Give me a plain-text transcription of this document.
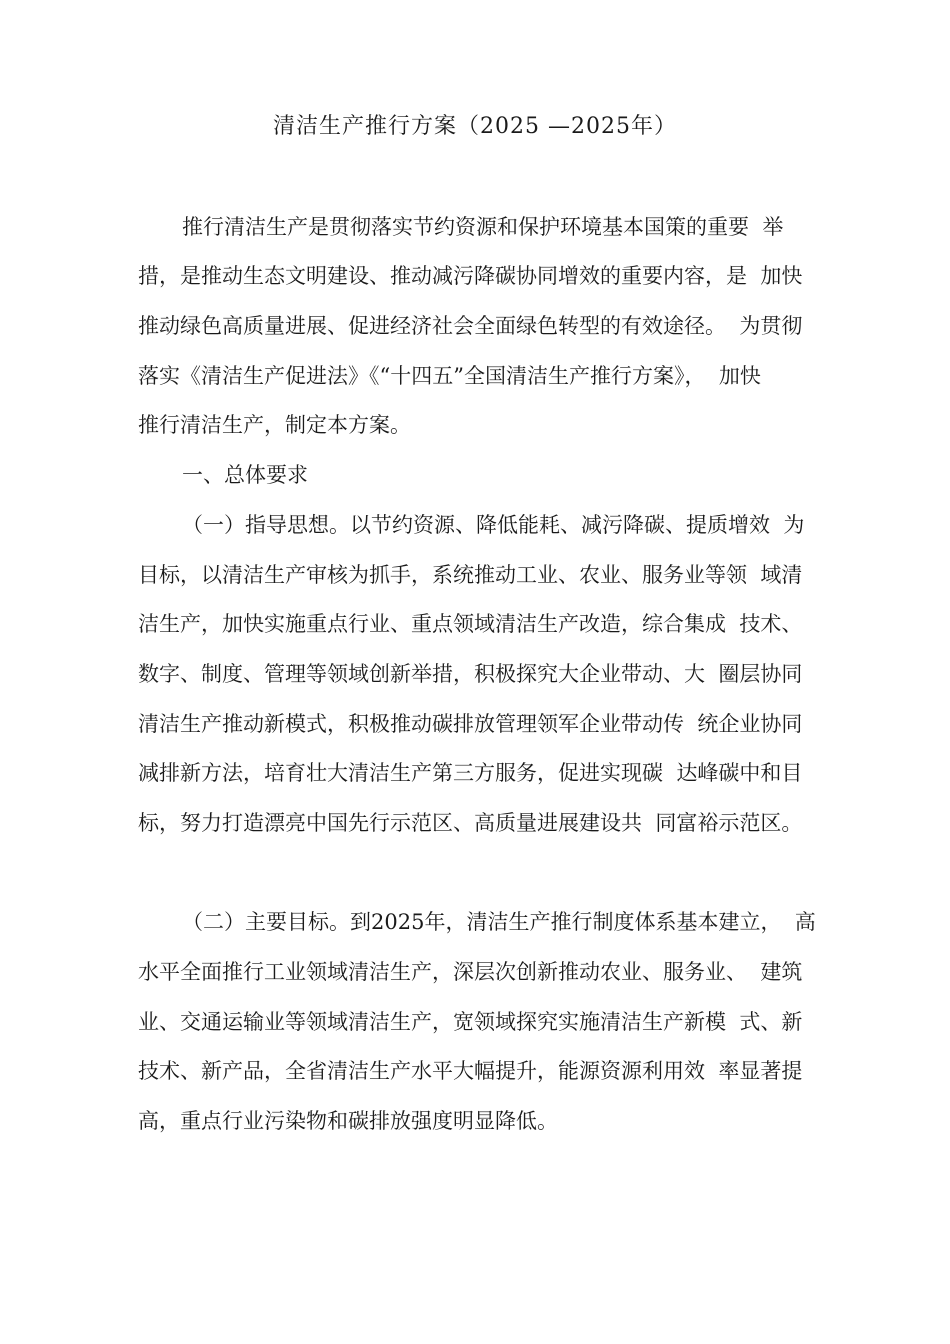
清洁生产推行方案（2025 —2025年）
推行清洁生产是贯彻落实节约资源和保护环境基本国策的重要  举
措，是推动生态文明建设、推动减污降碳协同增效的重要内容，是  加快
推动绿色高质量进展、促进经济社会全面绿色转型的有效途径。  为贯彻
落实《清洁生产促进法》《“十四五”全国清洁生产推行方案》，  加快
推行清洁生产，制定本方案。
一、总体要求
（一）指导思想。以节约资源、降低能耗、减污降碳、提质增效  为
目标，以清洁生产审核为抓手，系统推动工业、农业、服务业等领  域清
洁生产，加快实施重点行业、重点领域清洁生产改造，综合集成  技术、
数字、制度、管理等领域创新举措，积极探究大企业带动、大  圈层协同
清洁生产推动新模式，积极推动碳排放管理领军企业带动传  统企业协同
减排新方法，培育壮大清洁生产第三方服务，促进实现碳  达峰碳中和目
标，努力打造漂亮中国先行示范区、高质量进展建设共  同富裕示范区。
（二）主要目标。到2025年，清洁生产推行制度体系基本建立，  高
水平全面推行工业领域清洁生产，深层次创新推动农业、服务业、  建筑
业、交通运输业等领域清洁生产，宽领域探究实施清洁生产新模  式、新
技术、新产品，全省清洁生产水平大幅提升，能源资源利用效  率显著提
高，重点行业污染物和碳排放强度明显降低。
